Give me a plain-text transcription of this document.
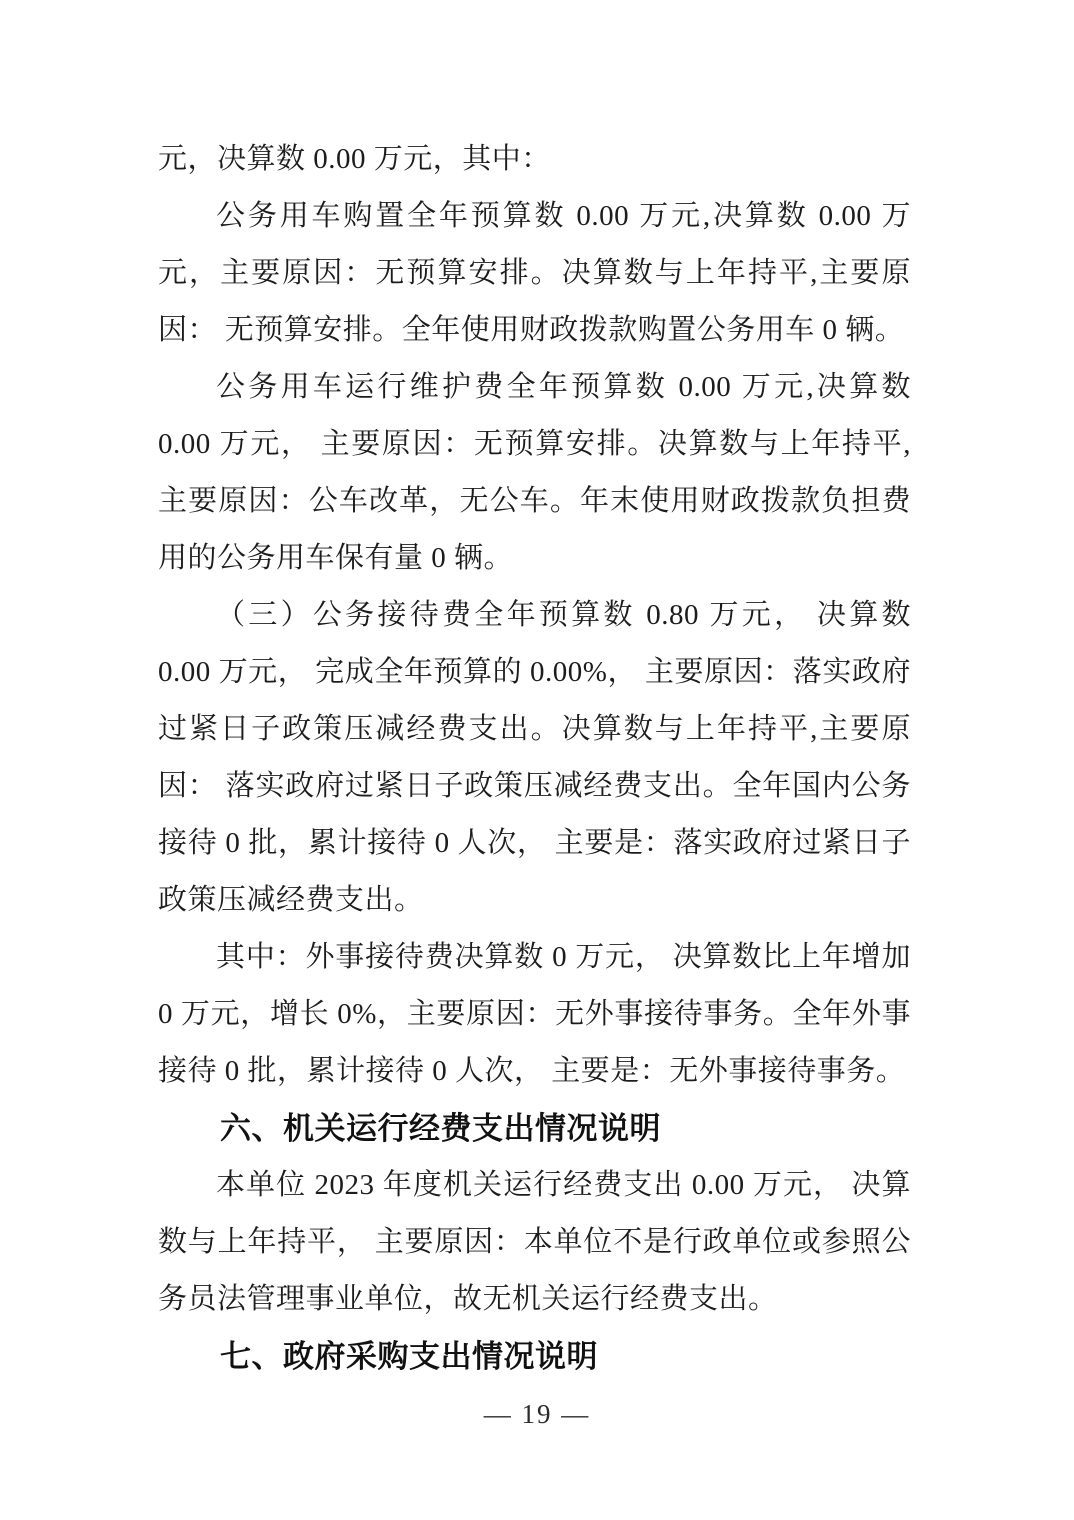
元，决算数 0.00 万元，其中：

公务用车购置全年预算数 0.00 万元,决算数 0.00 万元，主要原因：无预算安排。决算数与上年持平,主要原因： 无预算安排。全年使用财政拨款购置公务用车 0 辆。

公务用车运行维护费全年预算数 0.00 万元,决算数 0.00 万元， 主要原因：无预算安排。决算数与上年持平,主要原因：公车改革，无公车。年末使用财政拨款负担费用的公务用车保有量 0 辆。

（三）公务接待费全年预算数 0.80 万元， 决算数 0.00 万元， 完成全年预算的 0.00%， 主要原因：落实政府过紧日子政策压减经费支出。决算数与上年持平,主要原因： 落实政府过紧日子政策压减经费支出。全年国内公务接待 0 批，累计接待 0 人次， 主要是：落实政府过紧日子政策压减经费支出。

其中：外事接待费决算数 0 万元， 决算数比上年增加 0 万元，增长 0%，主要原因：无外事接待事务。全年外事接待 0 批，累计接待 0 人次， 主要是：无外事接待事务。

六、机关运行经费支出情况说明

本单位 2023 年度机关运行经费支出 0.00 万元， 决算数与上年持平， 主要原因：本单位不是行政单位或参照公务员法管理事业单位，故无机关运行经费支出。

七、政府采购支出情况说明
— 19 —
